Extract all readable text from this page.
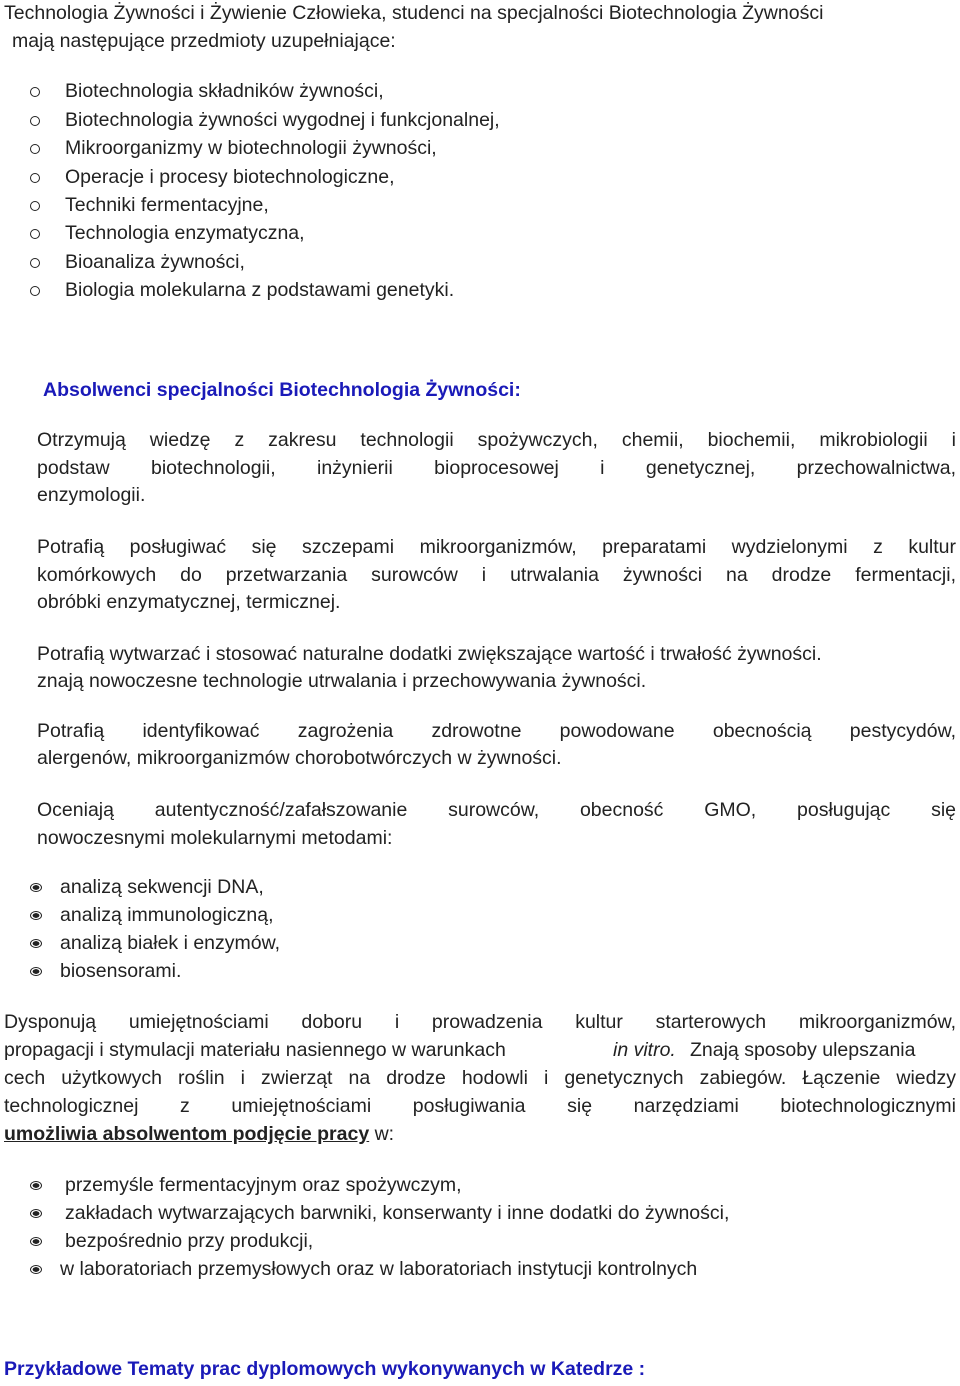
Technologia Żywności i Żywienie Człowieka, studenci na specjalności Biotechnologia Żywności
mają następujące przedmioty uzupełniające:
Biotechnologia składników żywności,
Biotechnologia żywności wygodnej i funkcjonalnej,
Mikroorganizmy w biotechnologii żywności,
Operacje i procesy biotechnologiczne,
Techniki fermentacyjne,
Technologia enzymatyczna,
Bioanaliza żywności,
Biologia molekularna z podstawami genetyki.
Absolwenci specjalności Biotechnologia Żywności:
Otrzymują wiedzę z zakresu technologii spożywczych, chemii, biochemii, mikrobiologii i
podstaw biotechnologii, inżynierii bioprocesowej i genetycznej, przechowalnictwa,
enzymologii.
Potrafią posługiwać się szczepami mikroorganizmów, preparatami wydzielonymi z kultur
komórkowych do przetwarzania surowców i utrwalania żywności na drodze fermentacji,
obróbki enzymatycznej, termicznej.
Potrafią wytwarzać i stosować naturalne dodatki zwiększające wartość i trwałość żywności.
znają nowoczesne technologie utrwalania i przechowywania żywności.
Potrafią identyfikować zagrożenia zdrowotne powodowane obecnością pestycydów,
alergenów, mikroorganizmów chorobotwórczych w żywności.
Oceniają autentyczność/zafałszowanie surowców, obecność GMO, posługując się
nowoczesnymi molekularnymi metodami:
analizą sekwencji DNA,
analizą immunologiczną,
analizą białek i enzymów,
biosensorami.
Dysponują umiejętnościami doboru i prowadzenia kultur starterowych mikroorganizmów,
propagacji i stymulacji materiału nasiennego w warunkach	in vitro. Znają sposoby ulepszania
cech użytkowych roślin i zwierząt na drodze hodowli i genetycznych zabiegów. Łączenie wiedzy
technologicznej z umiejętnościami posługiwania się narzędziami biotechnologicznymi
umożliwia absolwentom podjęcie pracy w:
przemyśle fermentacyjnym oraz spożywczym,
zakładach wytwarzających barwniki, konserwanty i inne dodatki do żywności,
bezpośrednio przy produkcji,
w laboratoriach przemysłowych oraz w laboratoriach instytucji kontrolnych
Przykładowe Tematy prac dyplomowych wykonywanych w Katedrze :
